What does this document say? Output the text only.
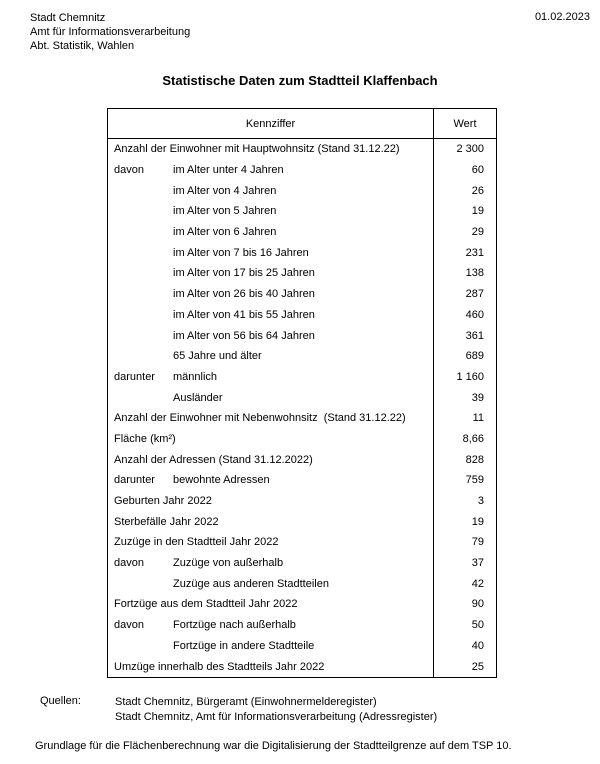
Stadt Chemnitz
Amt für Informationsverarbeitung
Abt. Statistik, Wahlen
01.02.2023
Statistische Daten zum Stadtteil Klaffenbach
Kennziffer	Wert
Anzahl der Einwohner mit Hauptwohnsitz (Stand 31.12.22)	2 300
davon	im Alter unter 4 Jahren	60
im Alter von 4 Jahren	26
im Alter von 5 Jahren	19
im Alter von 6 Jahren	29
im Alter von 7 bis 16 Jahren	231
im Alter von 17 bis 25 Jahren	138
im Alter von 26 bis 40 Jahren	287
im Alter von 41 bis 55 Jahren	460
im Alter von 56 bis 64 Jahren	361
65 Jahre und älter	689
darunter	männlich	1 160
Ausländer	39
Anzahl der Einwohner mit Nebenwohnsitz  (Stand 31.12.22)	11
Fläche (km²)	8,66
Anzahl der Adressen (Stand 31.12.2022)	828
darunter	bewohnte Adressen	759
Geburten Jahr 2022	3
Sterbefälle Jahr 2022	19
Zuzüge in den Stadtteil Jahr 2022	79
davon	Zuzüge von außerhalb	37
Zuzüge aus anderen Stadtteilen	42
Fortzüge aus dem Stadtteil Jahr 2022	90
davon	Fortzüge nach außerhalb	50
Fortzüge in andere Stadtteile	40
Umzüge innerhalb des Stadtteils Jahr 2022	25
Quellen:	Stadt Chemnitz, Bürgeramt (Einwohnermelderegister)
Stadt Chemnitz, Amt für Informationsverarbeitung (Adressregister)
Grundlage für die Flächenberechnung war die Digitalisierung der Stadtteilgrenze auf dem TSP 10.
